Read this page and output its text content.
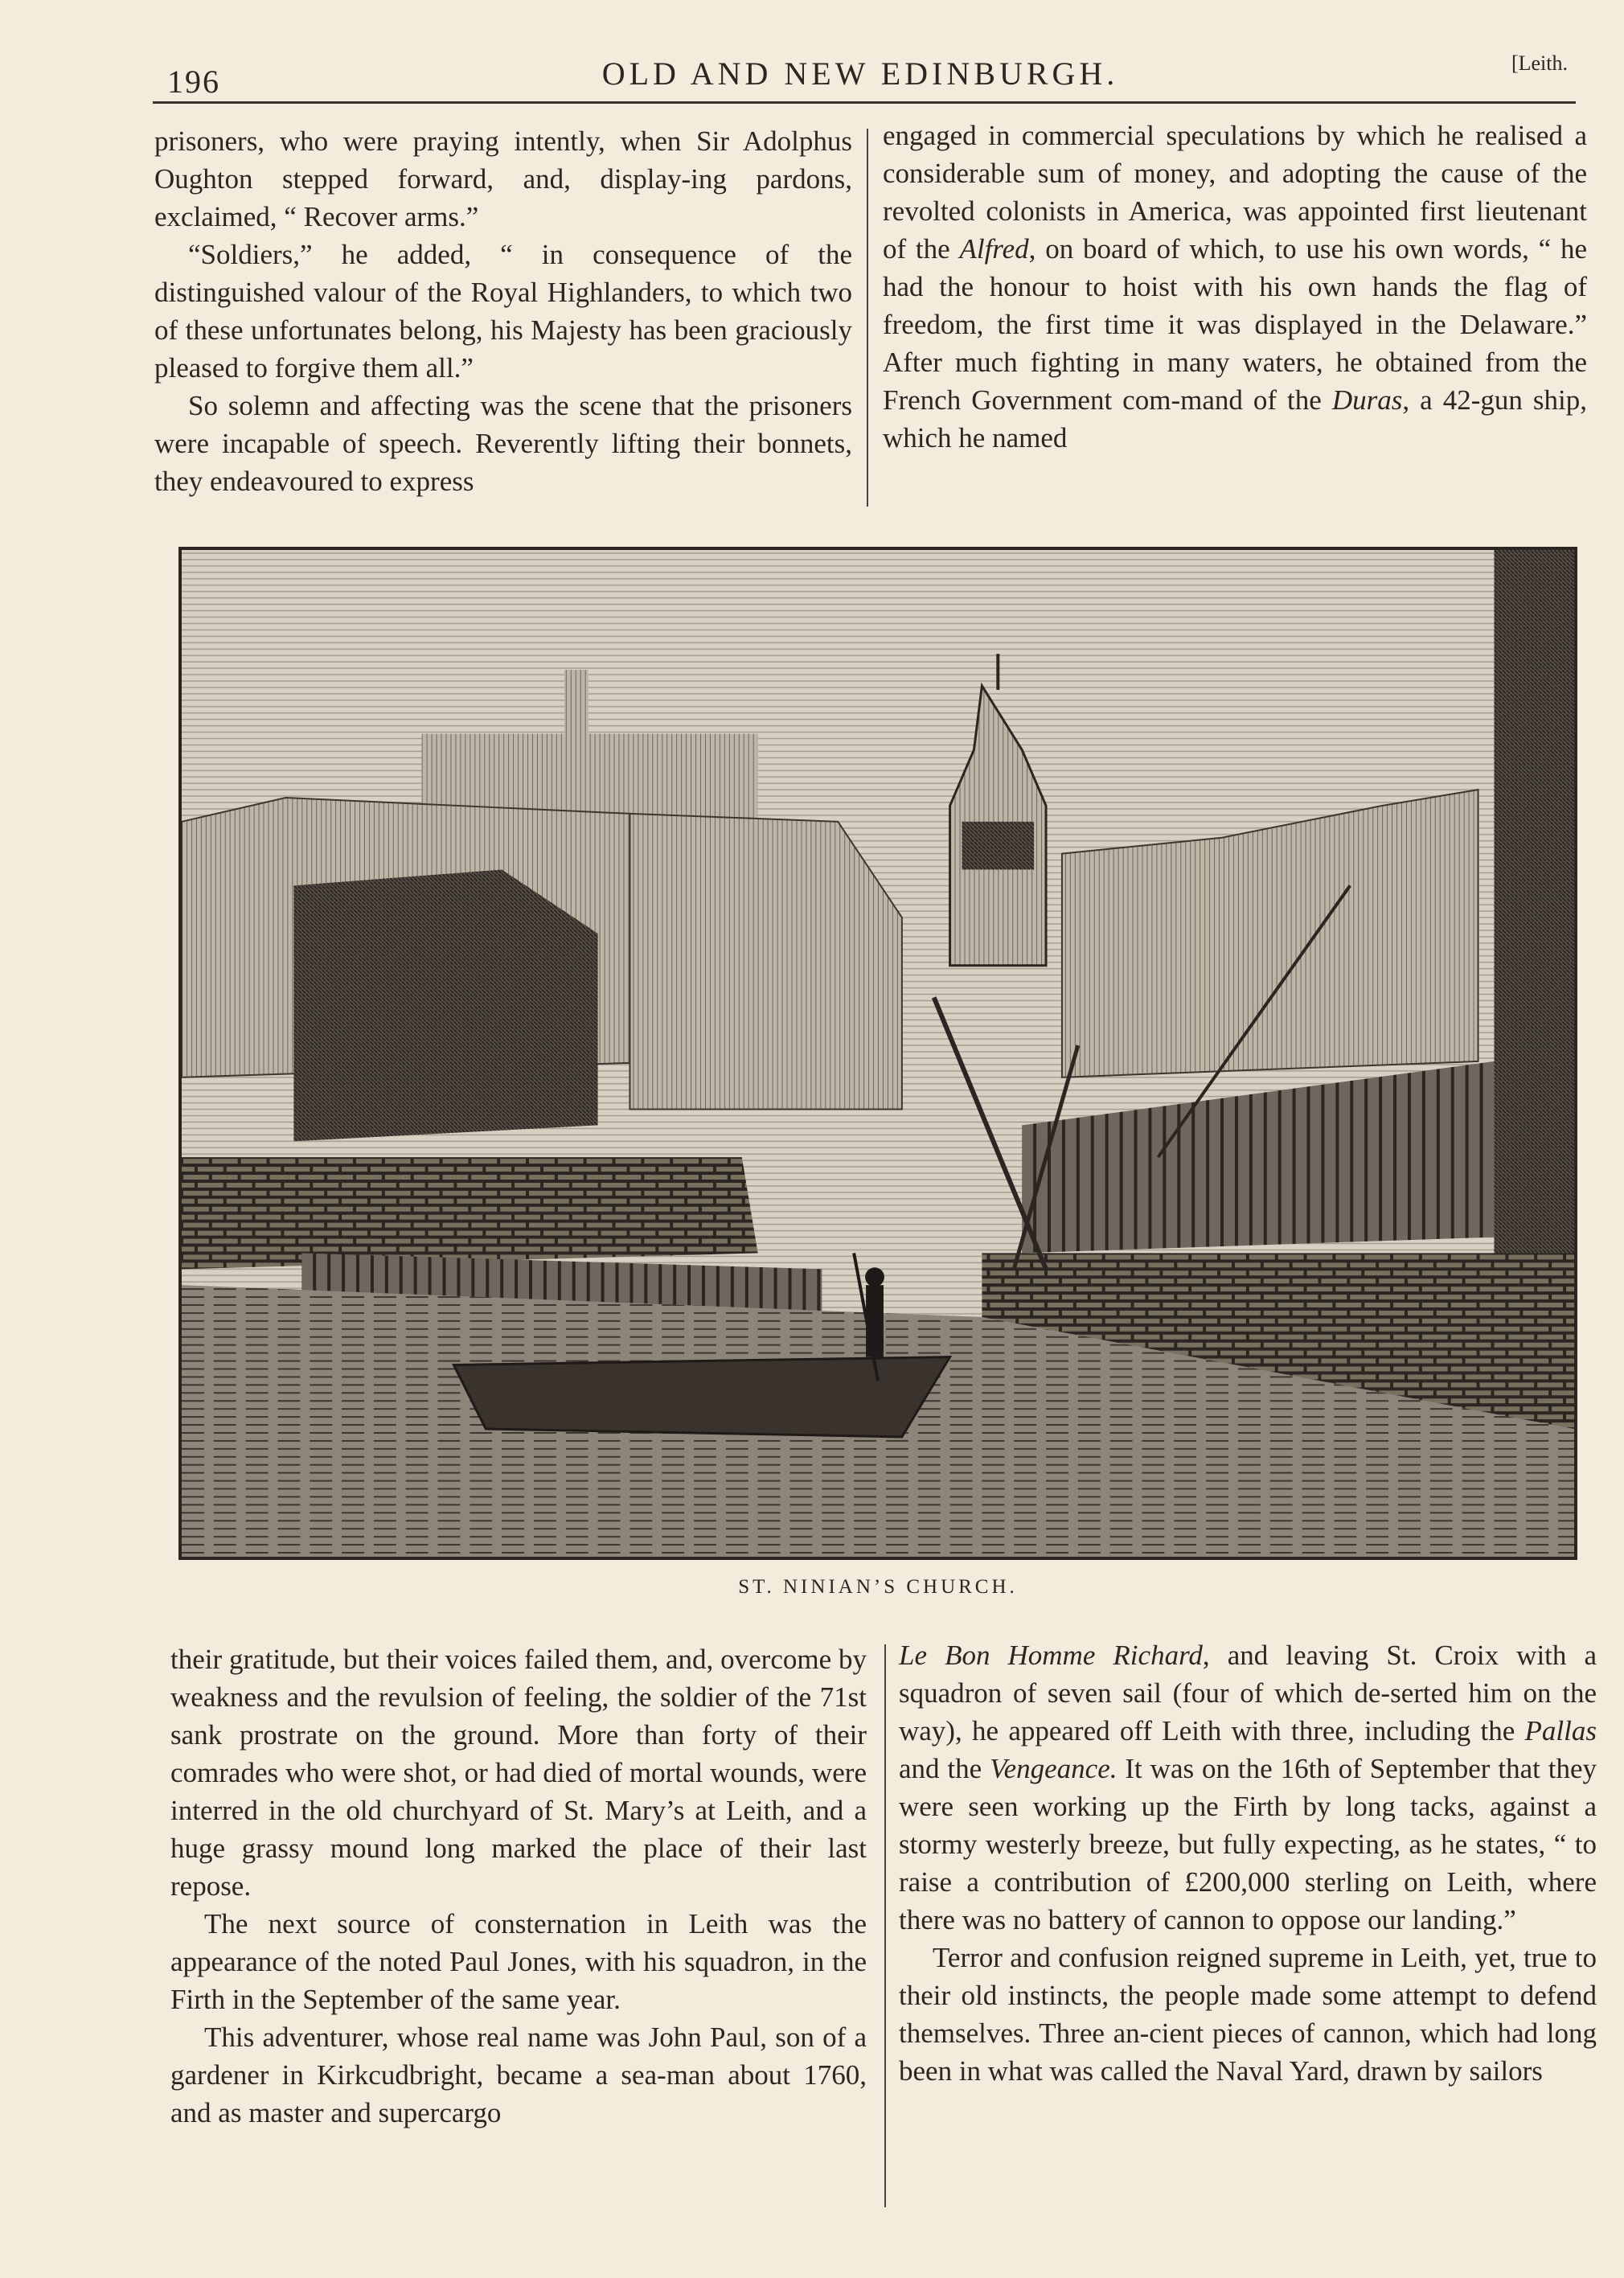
196	OLD AND NEW EDINBURGH.	[Leith.

prisoners, who were praying intently, when Sir Adolphus Oughton stepped forward, and, display-ing pardons, exclaimed, “ Recover arms.”

“Soldiers,” he added, “ in consequence of the distinguished valour of the Royal Highlanders, to which two of these unfortunates belong, his Majesty has been graciously pleased to forgive them all.”

So solemn and affecting was the scene that the prisoners were incapable of speech. Reverently lifting their bonnets, they endeavoured to express

engaged in commercial speculations by which he realised a considerable sum of money, and adopting the cause of the revolted colonists in America, was appointed first lieutenant of the Alfred, on board of which, to use his own words, “ he had the honour to hoist with his own hands the flag of freedom, the first time it was displayed in the Delaware.” After much fighting in many waters, he obtained from the French Government com-mand of the Duras, a 42-gun ship, which he named

ST. NINIAN’S CHURCH.

their gratitude, but their voices failed them, and, overcome by weakness and the revulsion of feeling, the soldier of the 71st sank prostrate on the ground. More than forty of their comrades who were shot, or had died of mortal wounds, were interred in the old churchyard of St. Mary’s at Leith, and a huge grassy mound long marked the place of their last repose.

The next source of consternation in Leith was the appearance of the noted Paul Jones, with his squadron, in the Firth in the September of the same year.

This adventurer, whose real name was John Paul, son of a gardener in Kirkcudbright, became a sea-man about 1760, and as master and supercargo

Le Bon Homme Richard, and leaving St. Croix with a squadron of seven sail (four of which de-serted him on the way), he appeared off Leith with three, including the Pallas and the Vengeance. It was on the 16th of September that they were seen working up the Firth by long tacks, against a stormy westerly breeze, but fully expecting, as he states, “ to raise a contribution of £200,000 sterling on Leith, where there was no battery of cannon to oppose our landing.”

Terror and confusion reigned supreme in Leith, yet, true to their old instincts, the people made some attempt to defend themselves. Three an-cient pieces of cannon, which had long been in what was called the Naval Yard, drawn by sailors
